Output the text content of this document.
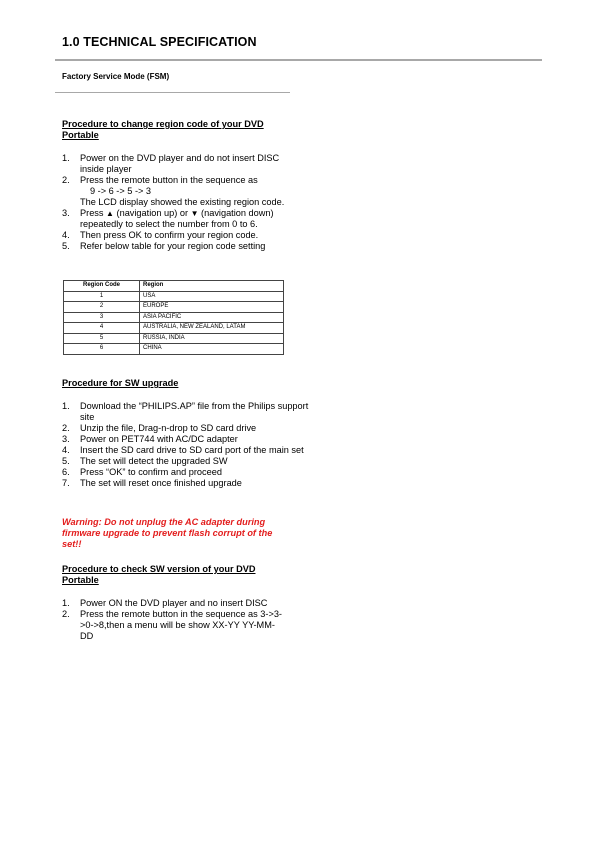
1.0 TECHNICAL SPECIFICATION
Factory Service Mode (FSM)
Procedure to change region code of your DVD Portable
1. Power on the DVD player and do not insert DISC inside player
2. Press the remote button in the sequence as
9 -> 6 -> 5 -> 3
The LCD display showed the existing region code.
3. Press ▲ (navigation up) or ▼ (navigation down) repeatedly to select the number from 0 to 6.
4. Then press OK to confirm your region code.
5. Refer below table for your region code setting
Region Code	Region
1	USA
2	EUROPE
3	ASIA PACIFIC
4	AUSTRALIA, NEW ZEALAND, LATAM
5	RUSSIA, INDIA
6	CHINA
Procedure for SW upgrade
1. Download the “PHILIPS.AP” file from the Philips support site
2. Unzip the file, Drag-n-drop to SD card drive
3. Power on PET744 with AC/DC adapter
4. Insert the SD card drive to SD card port of the main set
5. The set will detect the upgraded SW
6. Press “OK” to confirm and proceed
7. The set will reset once finished upgrade
Warning: Do not unplug the AC adapter during firmware upgrade to prevent flash corrupt of the set!!
Procedure to check SW version of your DVD Portable
1. Power ON the DVD player and no insert DISC
2. Press the remote button in the sequence as 3->3->0->8,then a menu will be show XX-YY YY-MM-DD
